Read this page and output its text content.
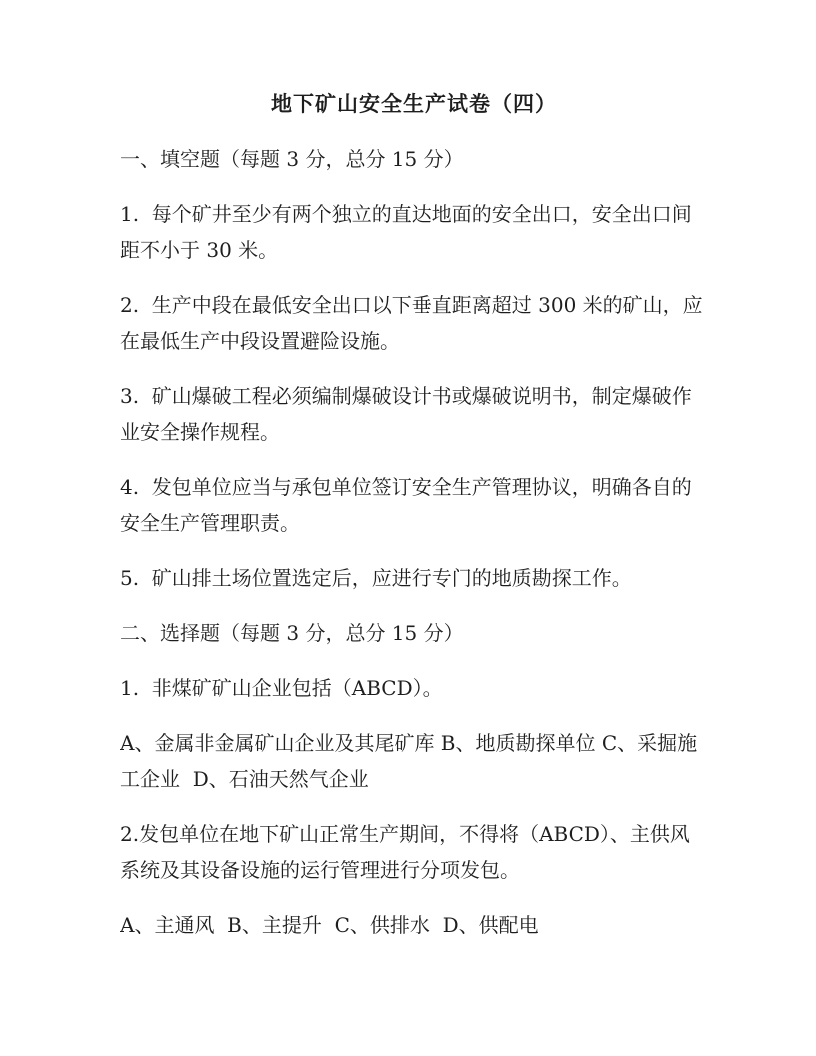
地下矿山安全生产试卷（四）
一、填空题（每题 3 分，总分 15 分）
1.  每个矿井至少有两个独立的直达地面的安全出口，安全出口间
距不小于 30 米。
2.  生产中段在最低安全出口以下垂直距离超过 300 米的矿山，应
在最低生产中段设置避险设施。
3.  矿山爆破工程必须编制爆破设计书或爆破说明书，制定爆破作
业安全操作规程。
4.  发包单位应当与承包单位签订安全生产管理协议，明确各自的
安全生产管理职责。
5.  矿山排土场位置选定后，应进行专门的地质勘探工作。
二、选择题（每题 3 分，总分 15 分）
1.  非煤矿矿山企业包括（ABCD）。
A、金属非金属矿山企业及其尾矿库 B、地质勘探单位 C、采掘施
工企业  D、石油天然气企业
2.发包单位在地下矿山正常生产期间，不得将（ABCD）、主供风
系统及其设备设施的运行管理进行分项发包。
A、主通风  B、主提升  C、供排水  D、供配电
